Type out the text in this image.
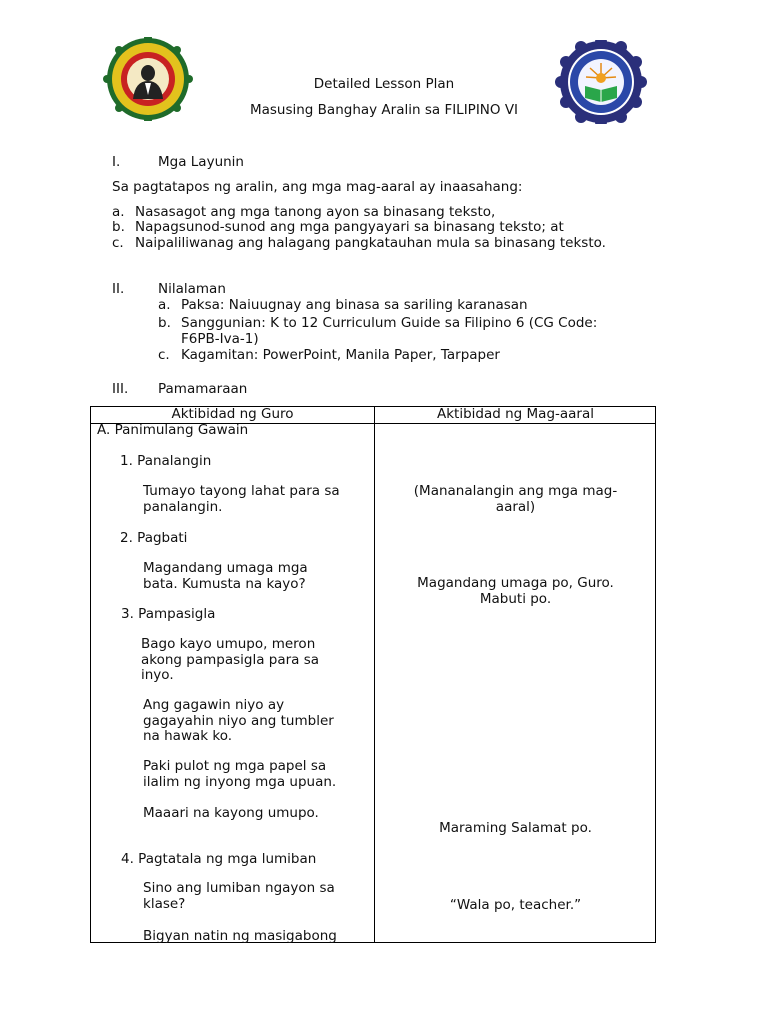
Detailed Lesson Plan
Masusing Banghay Aralin sa FILIPINO VI
I.	Mga Layunin
Sa pagtatapos ng aralin, ang mga mag-aaral ay inaasahang:
a. Nasasagot ang mga tanong ayon sa binasang teksto,
b. Napagsunod-sunod ang mga pangyayari sa binasang teksto; at
c. Naipaliliwanag ang halagang pangkatauhan mula sa binasang teksto.
II. Nilalaman
a. Paksa: Naiuugnay ang binasa sa sariling karanasan
b. Sanggunian: K to 12 Curriculum Guide sa Filipino 6 (CG Code:
F6PB-Iva-1)
c. Kagamitan: PowerPoint, Manila Paper, Tarpaper
III. Pamamaraan
Aktibidad ng Guro	Aktibidad ng Mag-aaral
A. Panimulang Gawain
1. Panalangin
Tumayo tayong lahat para sa
panalangin.
2. Pagbati
Magandang umaga mga
bata. Kumusta na kayo?
3. Pampasigla
Bago kayo umupo, meron
akong pampasigla para sa
inyo.
Ang gagawin niyo ay
gagayahin niyo ang tumbler
na hawak ko.
Paki pulot ng mga papel sa
ilalim ng inyong mga upuan.
Maaari na kayong umupo.
4. Pagtatala ng mga lumiban
Sino ang lumiban ngayon sa
klase?
Bigyan natin ng masigabong
(Mananalangin ang mga mag-
aaral)
Magandang umaga po, Guro.
Mabuti po.
Maraming Salamat po.
“Wala po, teacher.”
